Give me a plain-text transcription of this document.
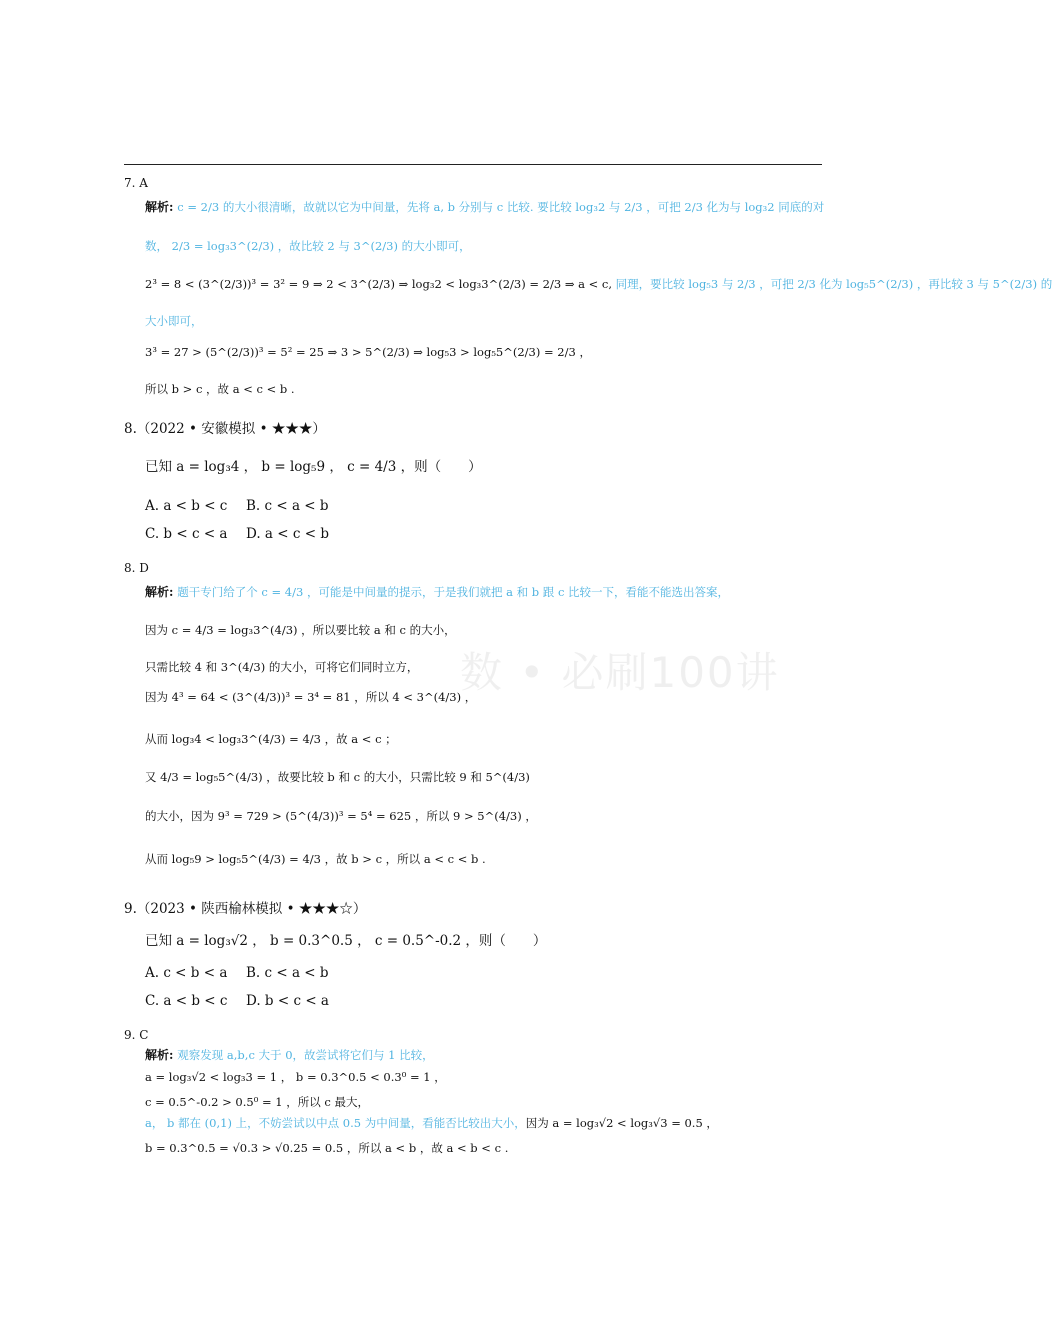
数 • 必刷100讲
7. A
解析: c = 2/3 的大小很清晰，故就以它为中间量，先将 a, b 分别与 c 比较. 要比较 log₃2 与 2/3 ，可把 2/3 化为与 log₃2 同底的对
数， 2/3 = log₃3^(2/3) ，故比较 2 与 3^(2/3) 的大小即可，
2³ = 8 < (3^(2/3))³ = 3² = 9 ⇒ 2 < 3^(2/3) ⇒ log₃2 < log₃3^(2/3) = 2/3 ⇒ a < c, 同理，要比较 log₅3 与 2/3 ，可把 2/3 化为 log₅5^(2/3) ，再比较 3 与 5^(2/3) 的
大小即可，
3³ = 27 > (5^(2/3))³ = 5² = 25 ⇒ 3 > 5^(2/3) ⇒ log₅3 > log₅5^(2/3) = 2/3 ，
所以 b > c ，故 a < c < b .
8.（2022 • 安徽模拟 • ★★★）
已知 a = log₃4 ， b = log₅9 ， c = 4/3 ，则（　　）
A. a < b < c B. c < a < b
C. b < c < a D. a < c < b
8. D
解析: 题干专门给了个 c = 4/3 ，可能是中间量的提示，于是我们就把 a 和 b 跟 c 比较一下，看能不能选出答案，
因为 c = 4/3 = log₃3^(4/3) ，所以要比较 a 和 c 的大小，
只需比较 4 和 3^(4/3) 的大小，可将它们同时立方，
因为 4³ = 64 < (3^(4/3))³ = 3⁴ = 81 ，所以 4 < 3^(4/3) ，
从而 log₃4 < log₃3^(4/3) = 4/3 ，故 a < c ；
又 4/3 = log₅5^(4/3) ，故要比较 b 和 c 的大小，只需比较 9 和 5^(4/3)
的大小，因为 9³ = 729 > (5^(4/3))³ = 5⁴ = 625 ，所以 9 > 5^(4/3) ，
从而 log₅9 > log₅5^(4/3) = 4/3 ，故 b > c ，所以 a < c < b .
9.（2023 • 陕西榆林模拟 • ★★★☆）
已知 a = log₃√2 ， b = 0.3^0.5 ， c = 0.5^-0.2 ，则（　　）
A. c < b < a B. c < a < b
C. a < b < c D. b < c < a
9. C
解析: 观察发现 a,b,c 大于 0，故尝试将它们与 1 比较，
a = log₃√2 < log₃3 = 1 ， b = 0.3^0.5 < 0.3⁰ = 1 ，
c = 0.5^-0.2 > 0.5⁰ = 1 ，所以 c 最大，
a， b 都在 (0,1) 上，不妨尝试以中点 0.5 为中间量，看能否比较出大小，因为 a = log₃√2 < log₃√3 = 0.5 ，
b = 0.3^0.5 = √0.3 > √0.25 = 0.5 ，所以 a < b ，故 a < b < c .
